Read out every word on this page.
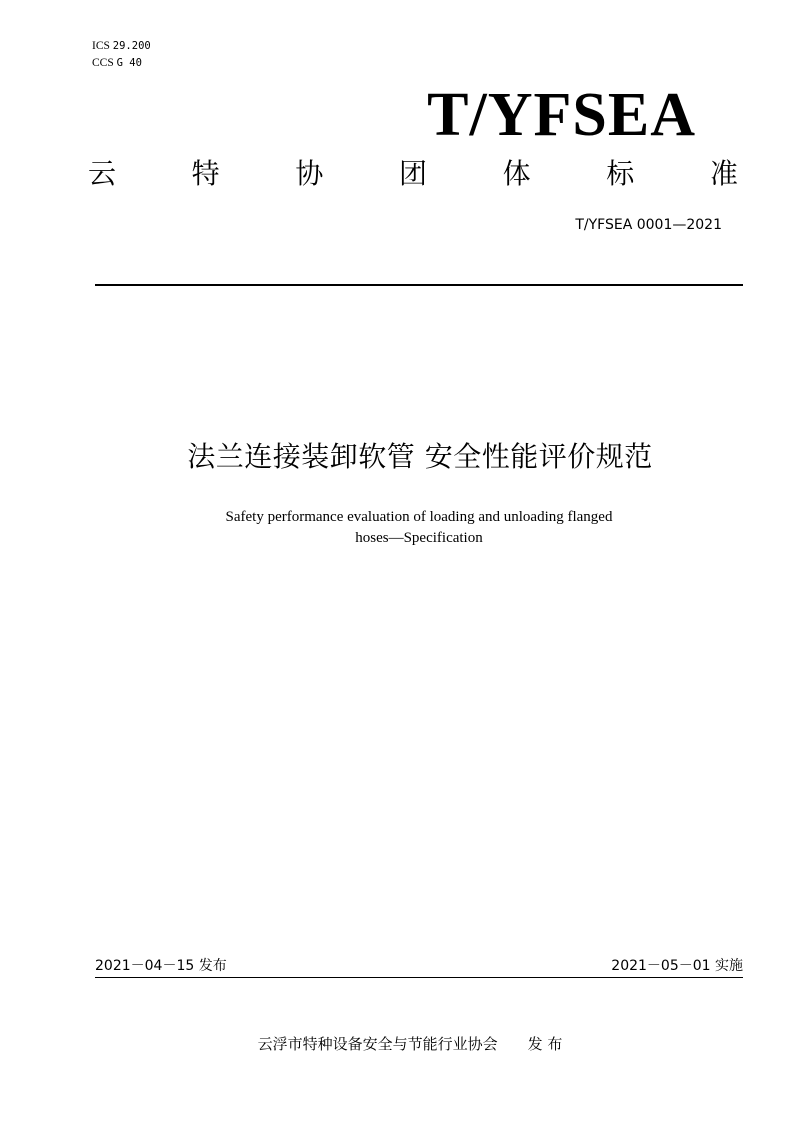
ICS 29.200
CCS G 40
T/YFSEA
云	特	协	团	体	标	准
T/YFSEA 0001—2021
法兰连接装卸软管 安全性能评价规范
Safety performance evaluation of loading and unloading flanged
hoses—Specification
2021－04－15 发布	2021－05－01 实施
云浮市特种设备安全与节能行业协会 发 布
